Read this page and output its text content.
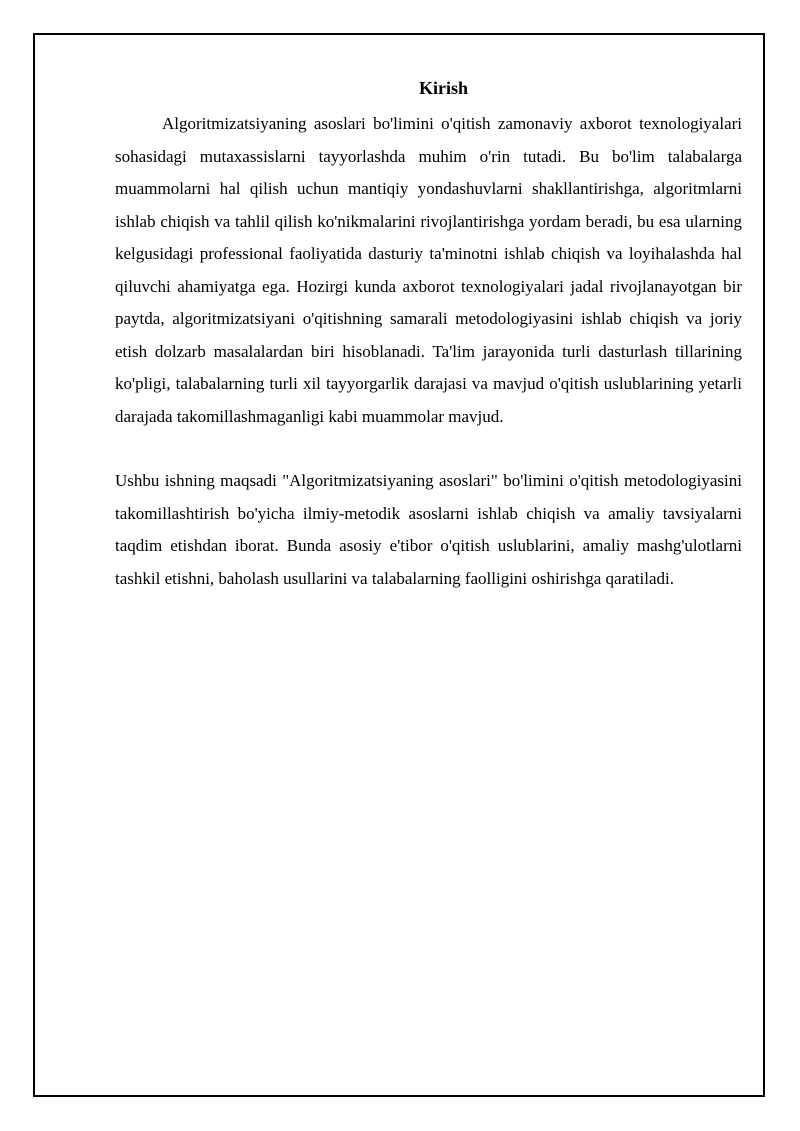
Kirish

Algoritmizatsiyaning asoslari bo'limini o'qitish zamonaviy axborot texnologiyalari sohasidagi mutaxassislarni tayyorlashda muhim o'rin tutadi. Bu bo'lim talabalarga muammolarni hal qilish uchun mantiqiy yondashuvlarni shakllantirishga, algoritmlarni ishlab chiqish va tahlil qilish ko'nikmalarini rivojlantirishga yordam beradi, bu esa ularning kelgusidagi professional faoliyatida dasturiy ta'minotni ishlab chiqish va loyihalashda hal qiluvchi ahamiyatga ega. Hozirgi kunda axborot texnologiyalari jadal rivojlanayotgan bir paytda, algoritmizatsiyani o'qitishning samarali metodologiyasini ishlab chiqish va joriy etish dolzarb masalalardan biri hisoblanadi. Ta'lim jarayonida turli dasturlash tillarining ko'pligi, talabalarning turli xil tayyorgarlik darajasi va mavjud o'qitish uslublarining yetarli darajada takomillashmaganligi kabi muammolar mavjud.

Ushbu ishning maqsadi "Algoritmizatsiyaning asoslari" bo'limini o'qitish metodologiyasini takomillashtirish bo'yicha ilmiy-metodik asoslarni ishlab chiqish va amaliy tavsiyalarni taqdim etishdan iborat. Bunda asosiy e'tibor o'qitish uslublarini, amaliy mashg'ulotlarni tashkil etishni, baholash usullarini va talabalarning faolligini oshirishga qaratiladi.
